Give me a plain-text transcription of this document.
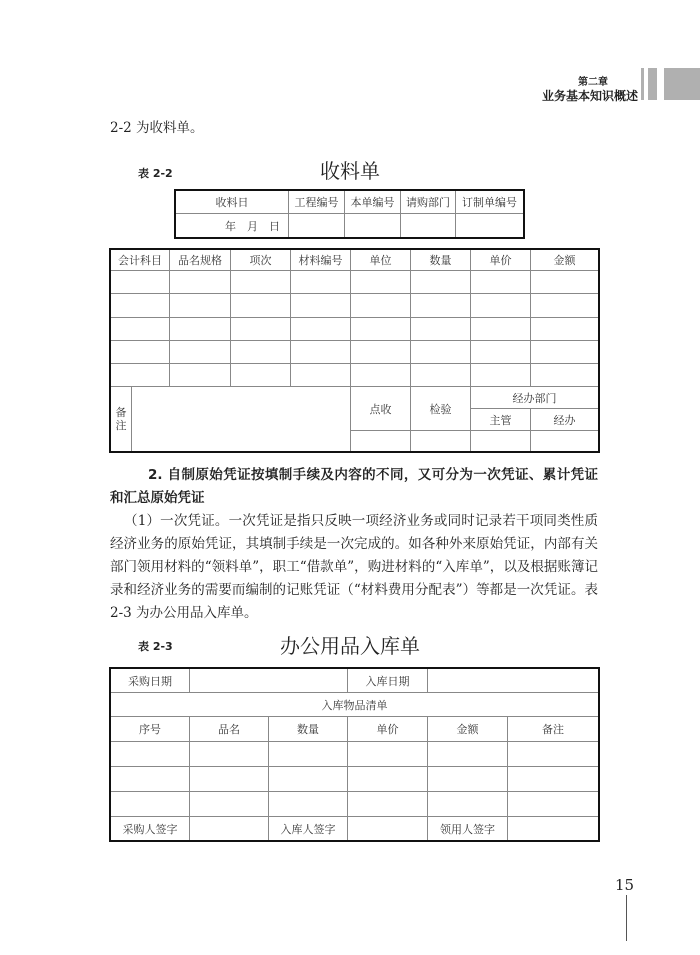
第二章
业务基本知识概述
2-2 为收料单。
表 2-2	收料单
收料日	工程编号	本单编号	请购部门	订制单编号
年　月　日				
会计科目		品名规格	项次	材料编号	单位	数量	单价	金额

备注					点收	检验	经办部门	
							主管	经办

2. 自制原始凭证按填制手续及内容的不同，又可分为一次凭证、累计凭证和汇总原始凭证
（1）一次凭证。一次凭证是指只反映一项经济业务或同时记录若干项同类性质经济业务的原始凭证，其填制手续是一次完成的。如各种外来原始凭证，内部有关部门领用材料的“领料单”，职工“借款单”，购进材料的“入库单”，以及根据账簿记录和经济业务的需要而编制的记账凭证（“材料费用分配表”）等都是一次凭证。表 2-3 为办公用品入库单。
表 2-3	办公用品入库单
采购日期			入库日期		
入库物品清单					
序号	品名	数量	单价	金额	备注

采购人签字		入库人签字		领用人签字	
15
